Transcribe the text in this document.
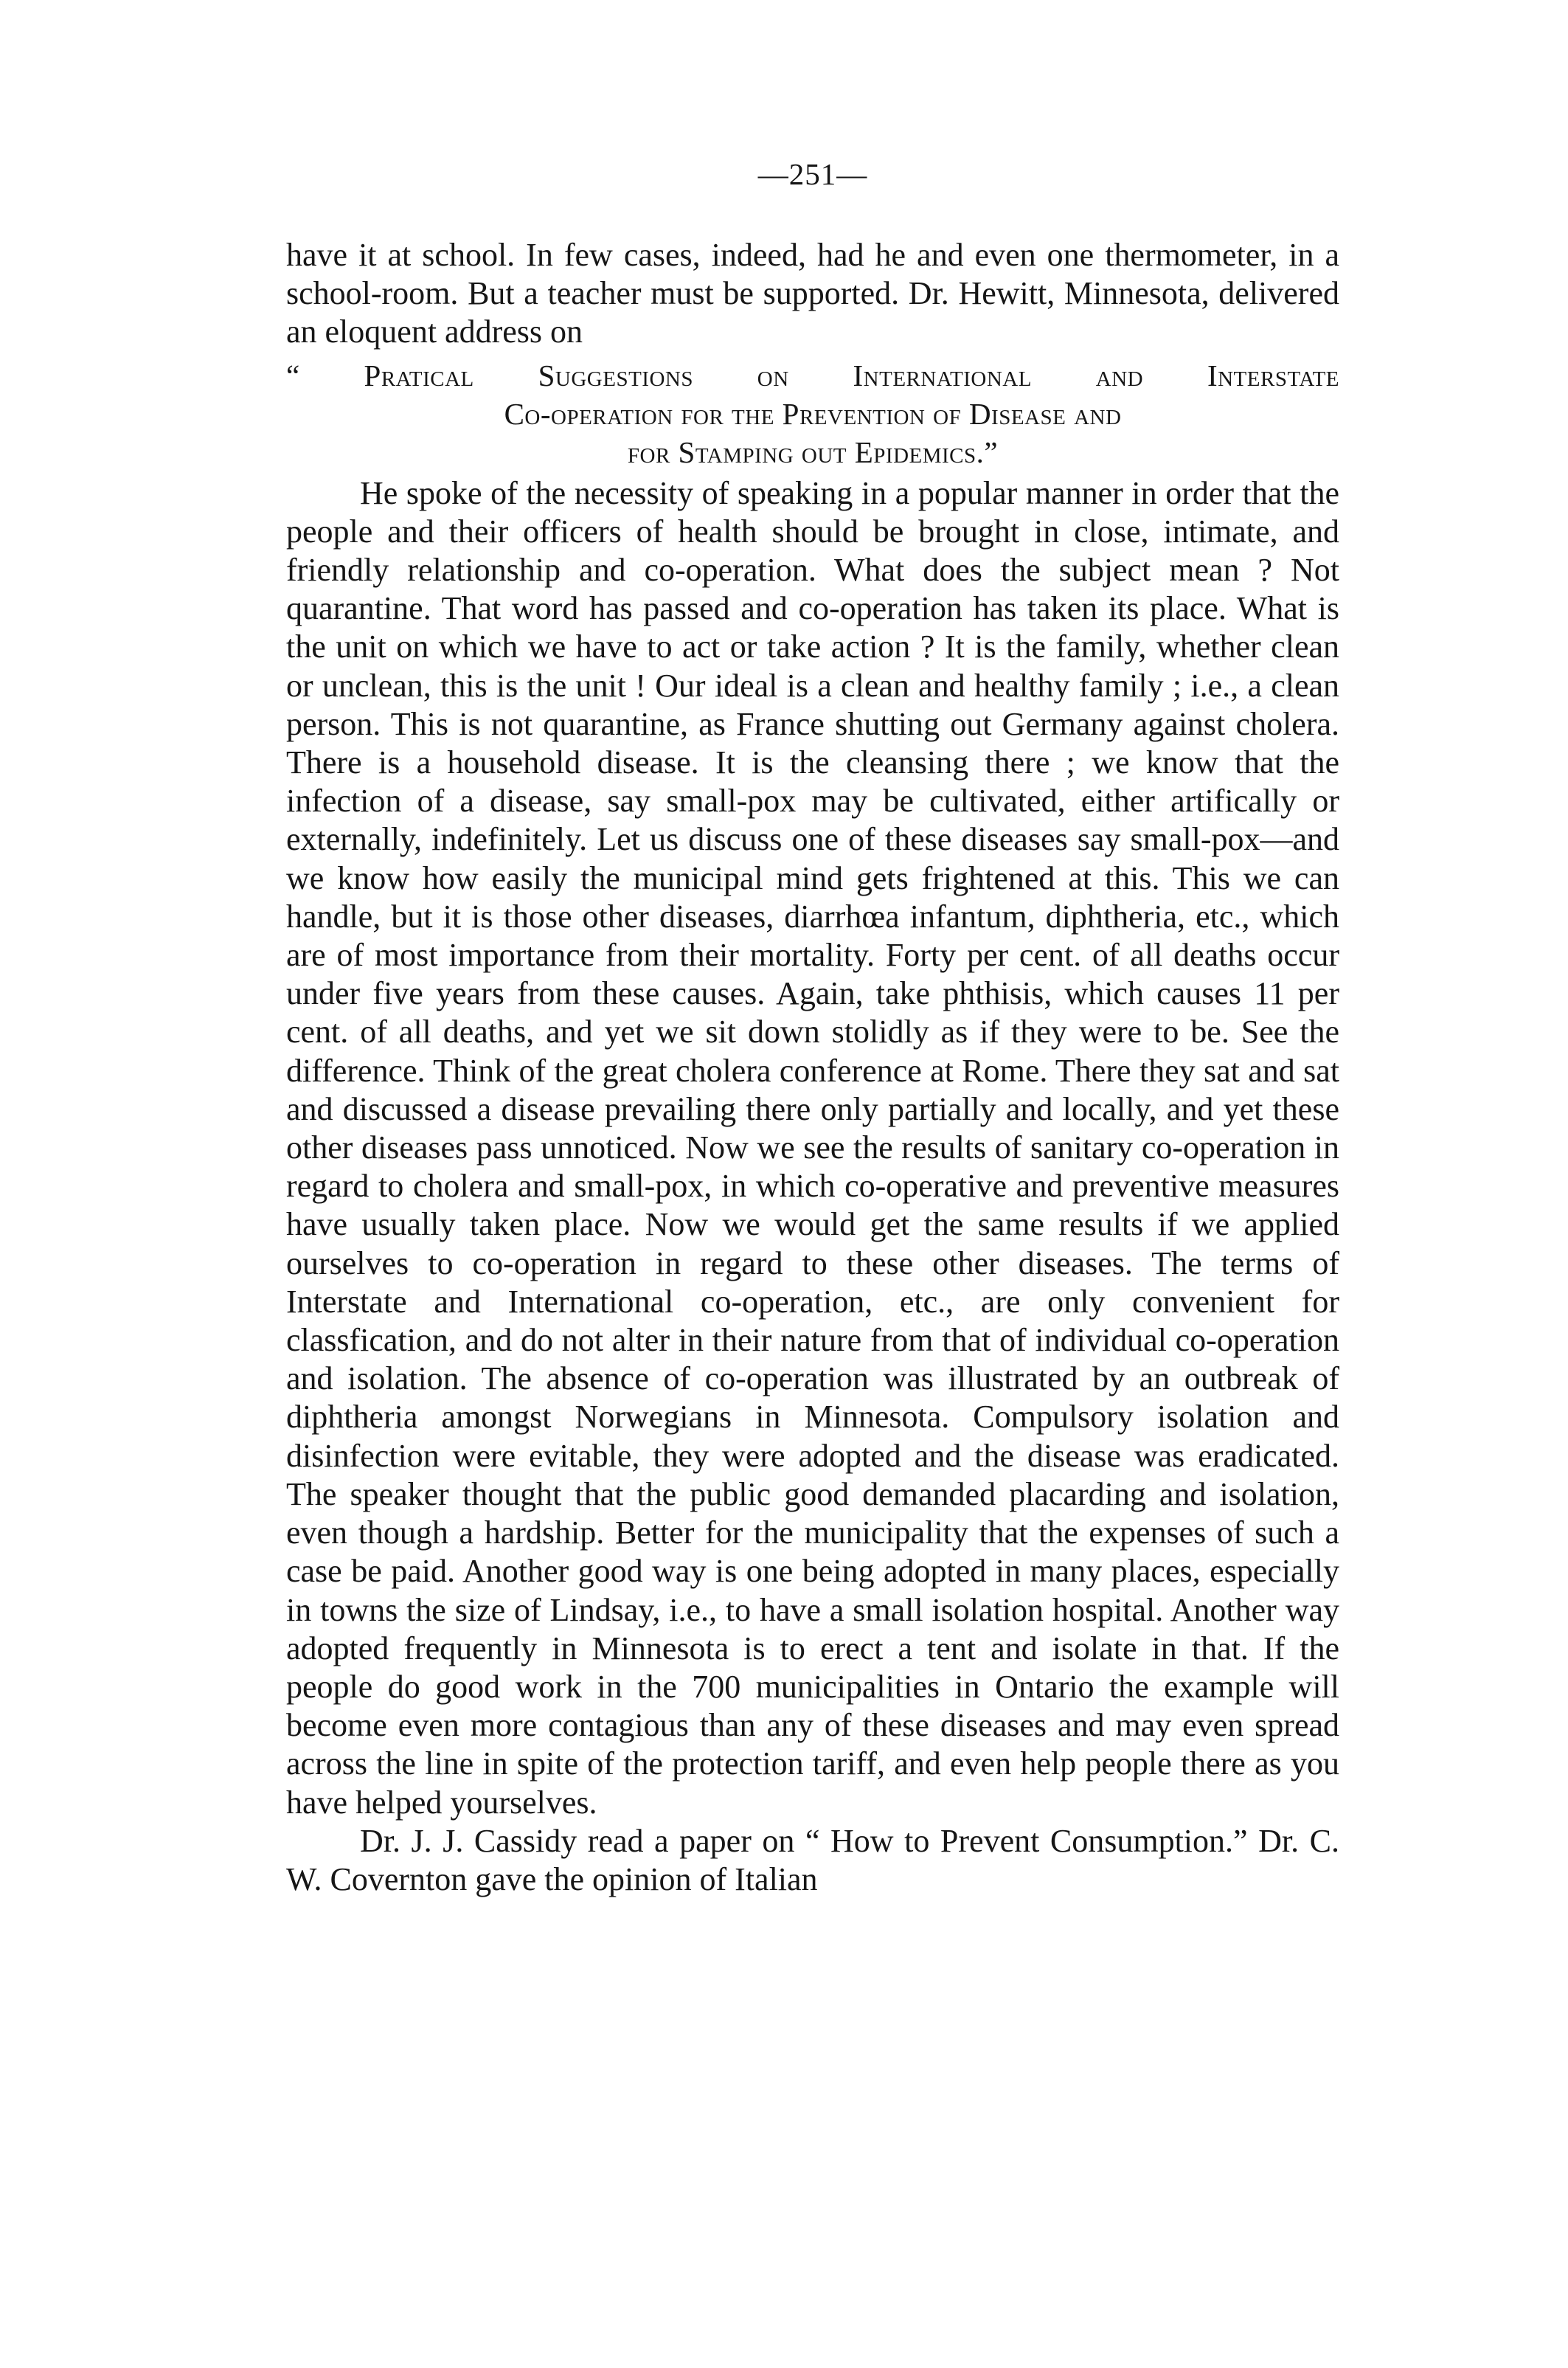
—251—

have it at school. In few cases, indeed, had he and even one thermometer, in a school-room. But a teacher must be supported. Dr. Hewitt, Minnesota, delivered an eloquent address on

“ Pratical Suggestions on International and Interstate
Co-operation for the Prevention of Disease and
for Stamping out Epidemics.”

He spoke of the necessity of speaking in a popular manner in order that the people and their officers of health should be brought in close, intimate, and friendly relationship and co-operation. What does the subject mean ? Not quarantine. That word has passed and co-operation has taken its place. What is the unit on which we have to act or take action ? It is the family, whether clean or unclean, this is the unit ! Our ideal is a clean and healthy family ; i.e., a clean person. This is not quarantine, as France shutting out Germany against cholera. There is a household disease. It is the cleansing there ; we know that the infection of a disease, say small-pox may be cultivated, either artifically or externally, indefinitely. Let us discuss one of these diseases say small-pox—and we know how easily the municipal mind gets frightened at this. This we can handle, but it is those other diseases, diarrhœa infantum, diphtheria, etc., which are of most importance from their mortality. Forty per cent. of all deaths occur under five years from these causes. Again, take phthisis, which causes 11 per cent. of all deaths, and yet we sit down stolidly as if they were to be. See the difference. Think of the great cholera conference at Rome. There they sat and sat and discussed a disease prevailing there only partially and locally, and yet these other diseases pass unnoticed. Now we see the results of sanitary co-operation in regard to cholera and small-pox, in which co-operative and preventive measures have usually taken place. Now we would get the same results if we applied ourselves to co-operation in regard to these other diseases. The terms of Interstate and International co-operation, etc., are only convenient for classfication, and do not alter in their nature from that of individual co-operation and isolation. The absence of co-operation was illustrated by an outbreak of diphtheria amongst Norwegians in Minnesota. Compulsory isolation and disinfection were evitable, they were adopted and the disease was eradicated. The speaker thought that the public good demanded placarding and isolation, even though a hardship. Better for the municipality that the expenses of such a case be paid. Another good way is one being adopted in many places, especially in towns the size of Lindsay, i.e., to have a small isolation hospital. Another way adopted frequently in Minnesota is to erect a tent and isolate in that. If the people do good work in the 700 municipalities in Ontario the example will become even more contagious than any of these diseases and may even spread across the line in spite of the protection tariff, and even help people there as you have helped yourselves.

Dr. J. J. Cassidy read a paper on “ How to Prevent Consumption.” Dr. C. W. Covernton gave the opinion of Italian
